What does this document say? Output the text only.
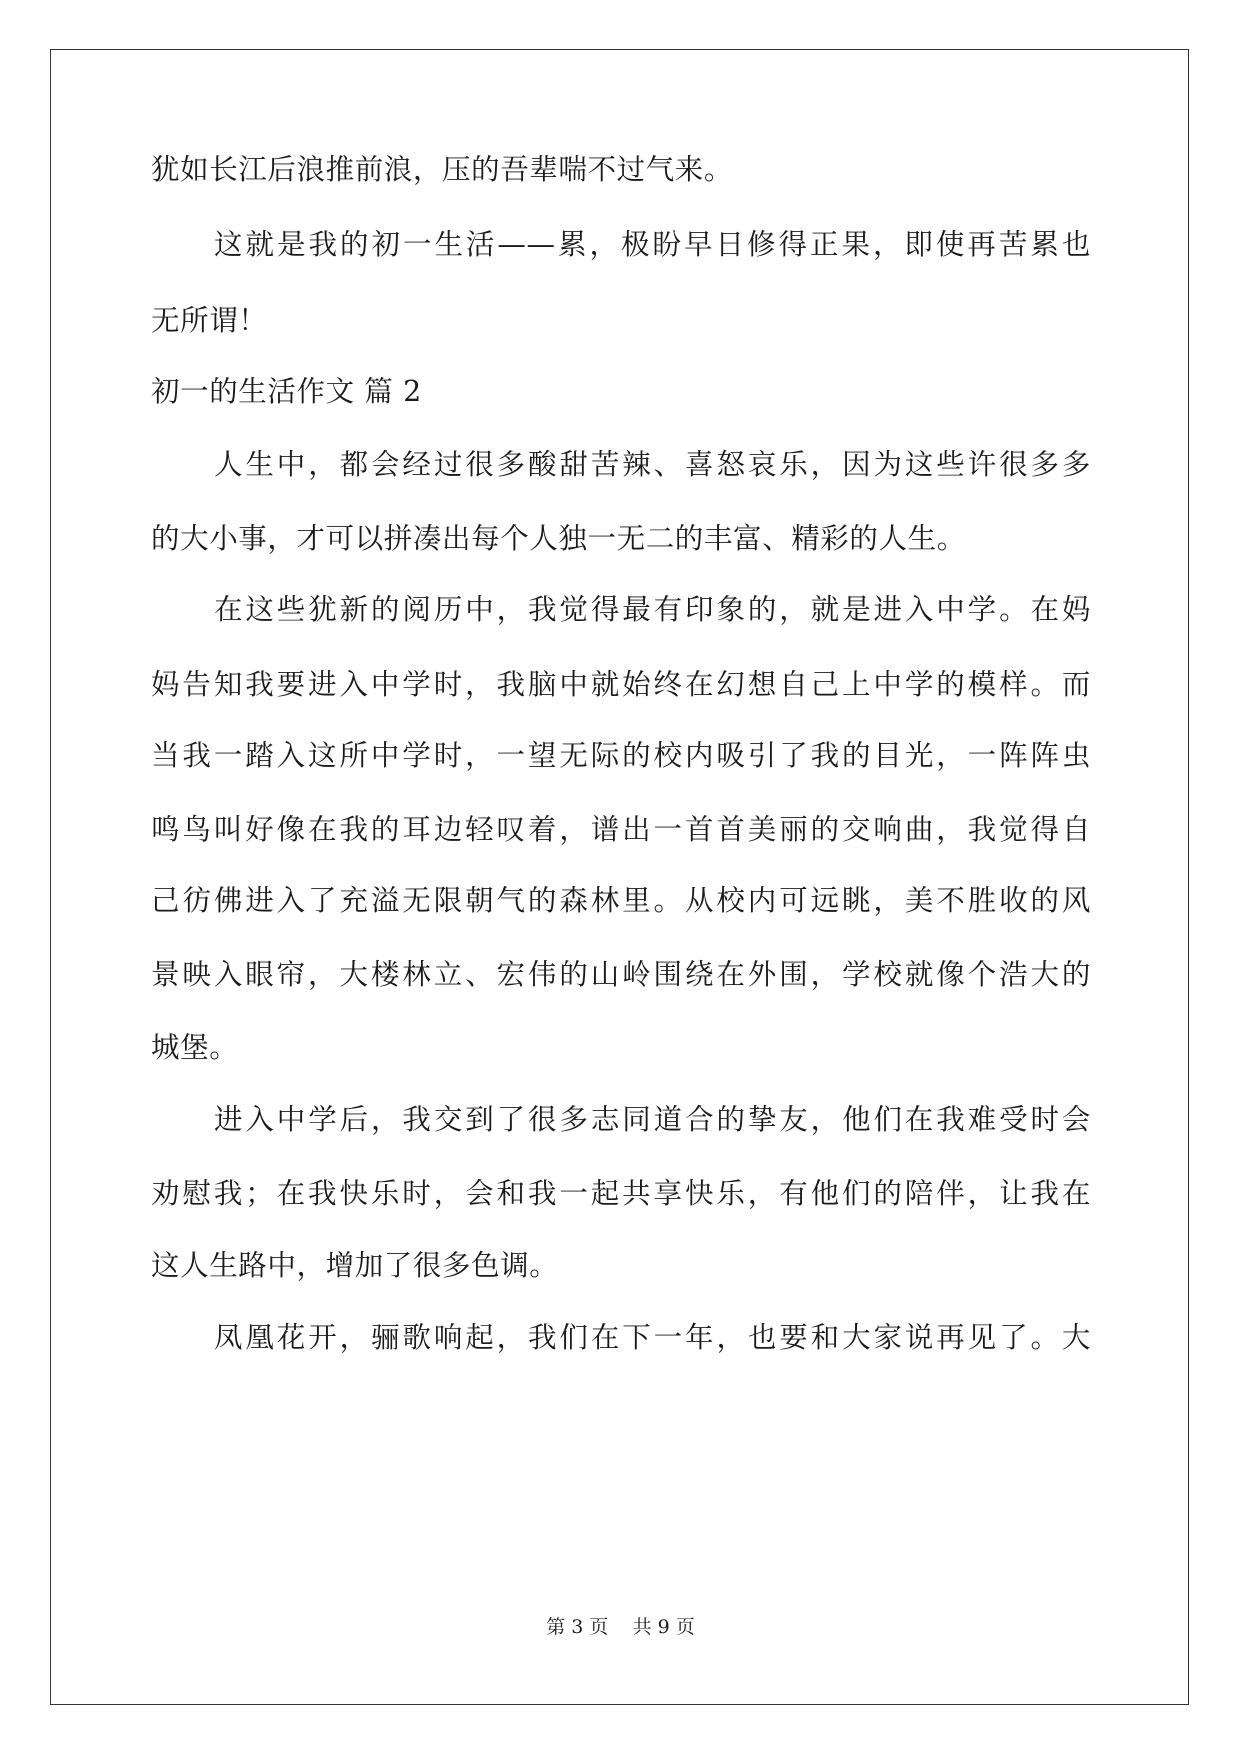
犹如长江后浪推前浪，压的吾辈喘不过气来。
这就是我的初一生活——累，极盼早日修得正果，即使再苦累也
无所谓！
初一的生活作文 篇 2
人生中，都会经过很多酸甜苦辣、喜怒哀乐，因为这些许很多多
的大小事，才可以拼凑出每个人独一无二的丰富、精彩的人生。
在这些犹新的阅历中，我觉得最有印象的，就是进入中学。在妈
妈告知我要进入中学时，我脑中就始终在幻想自己上中学的模样。而
当我一踏入这所中学时，一望无际的校内吸引了我的目光，一阵阵虫
鸣鸟叫好像在我的耳边轻叹着，谱出一首首美丽的交响曲，我觉得自
己彷佛进入了充溢无限朝气的森林里。从校内可远眺，美不胜收的风
景映入眼帘，大楼林立、宏伟的山岭围绕在外围，学校就像个浩大的
城堡。
进入中学后，我交到了很多志同道合的挚友，他们在我难受时会
劝慰我；在我快乐时，会和我一起共享快乐，有他们的陪伴，让我在
这人生路中，增加了很多色调。
凤凰花开，骊歌响起，我们在下一年，也要和大家说再见了。大
第 3 页    共 9 页
